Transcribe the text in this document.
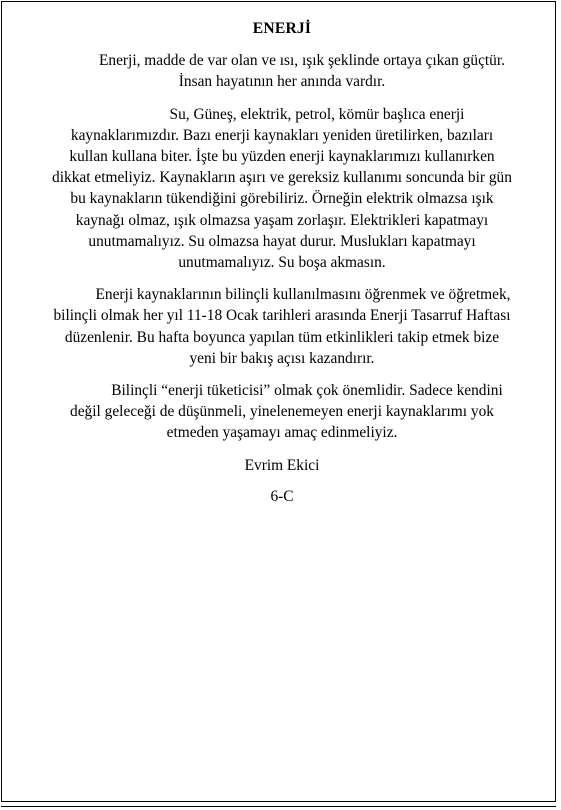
ENERJİ

Enerji, madde de var olan ve ısı, ışık şeklinde ortaya çıkan güçtür. İnsan hayatının her anında vardır.

Su, Güneş, elektrik, petrol, kömür başlıca enerji kaynaklarımızdır. Bazı enerji kaynakları yeniden üretilirken, bazıları kullan kullana biter. İşte bu yüzden enerji kaynaklarımızı kullanırken dikkat etmeliyiz. Kaynakların aşırı ve gereksiz kullanımı soncunda bir gün bu kaynakların tükendiğini görebiliriz. Örneğin elektrik olmazsa ışık kaynağı olmaz, ışık olmazsa yaşam zorlaşır. Elektrikleri kapatmayı unutmamalıyız. Su olmazsa hayat durur. Muslukları kapatmayı unutmamalıyız. Su boşa akmasın.

Enerji kaynaklarının bilinçli kullanılmasını öğrenmek ve öğretmek, bilinçli olmak her yıl 11-18 Ocak tarihleri arasında Enerji Tasarruf Haftası düzenlenir. Bu hafta boyunca yapılan tüm etkinlikleri takip etmek bize yeni bir bakış açısı kazandırır.

Bilinçli “enerji tüketicisi” olmak çok önemlidir. Sadece kendini değil geleceği de düşünmeli, yinelenemeyen enerji kaynaklarımı yok etmeden yaşamayı amaç edinmeliyiz.

Evrim Ekici
6-C
